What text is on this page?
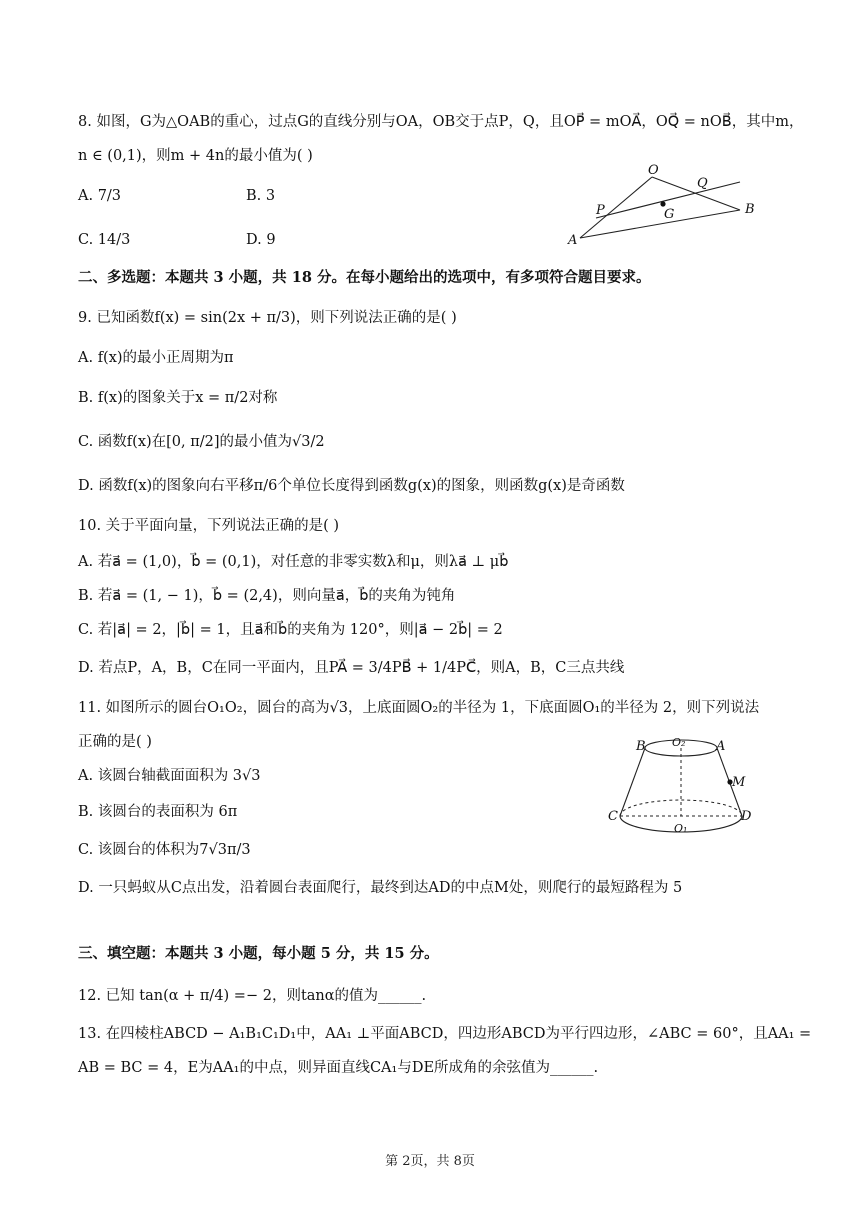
8. 如图，G为△OAB的重心，过点G的直线分别与OA，OB交于点P，Q，且OP⃗ = mOA⃗，OQ⃗ = nOB⃗，其中m，
n ∈ (0,1)，则m + 4n的最小值为( )
A. 7/3	B. 3
C. 14/3	D. 9
O
Q
P	G	B
A
二、多选题：本题共 3 小题，共 18 分。在每小题给出的选项中，有多项符合题目要求。
9. 已知函数f(x) = sin(2x + π/3)，则下列说法正确的是( )
A. f(x)的最小正周期为π
B. f(x)的图象关于x = π/2对称
C. 函数f(x)在[0, π/2]的最小值为√3/2
D. 函数f(x)的图象向右平移π/6个单位长度得到函数g(x)的图象，则函数g(x)是奇函数
10. 关于平面向量，下列说法正确的是( )
A. 若a⃗ = (1,0)，b⃗ = (0,1)，对任意的非零实数λ和μ，则λa⃗ ⊥ μb⃗
B. 若a⃗ = (1, − 1)，b⃗ = (2,4)，则向量a⃗，b⃗的夹角为钝角
C. 若|a⃗| = 2，|b⃗| = 1，且a⃗和b⃗的夹角为 120°，则|a⃗ − 2b⃗| = 2
D. 若点P，A，B，C在同一平面内，且PA⃗ = 3/4PB⃗ + 1/4PC⃗，则A，B，C三点共线
11. 如图所示的圆台O₁O₂，圆台的高为√3，上底面圆O₂的半径为 1，下底面圆O₁的半径为 2，则下列说法
正确的是( )
A. 该圆台轴截面面积为 3√3
B. 该圆台的表面积为 6π
C. 该圆台的体积为7√3π/3
D. 一只蚂蚁从C点出发，沿着圆台表面爬行，最终到达AD的中点M处，则爬行的最短路程为 5
B O₂ A
M
C	D
O₁
三、填空题：本题共 3 小题，每小题 5 分，共 15 分。
12. 已知 tan(α + π/4) =− 2，则tanα的值为______.
13. 在四棱柱ABCD − A₁B₁C₁D₁中，AA₁ ⊥平面ABCD，四边形ABCD为平行四边形，∠ABC = 60°，且AA₁ =
AB = BC = 4，E为AA₁的中点，则异面直线CA₁与DE所成角的余弦值为______.
第 2页，共 8页
